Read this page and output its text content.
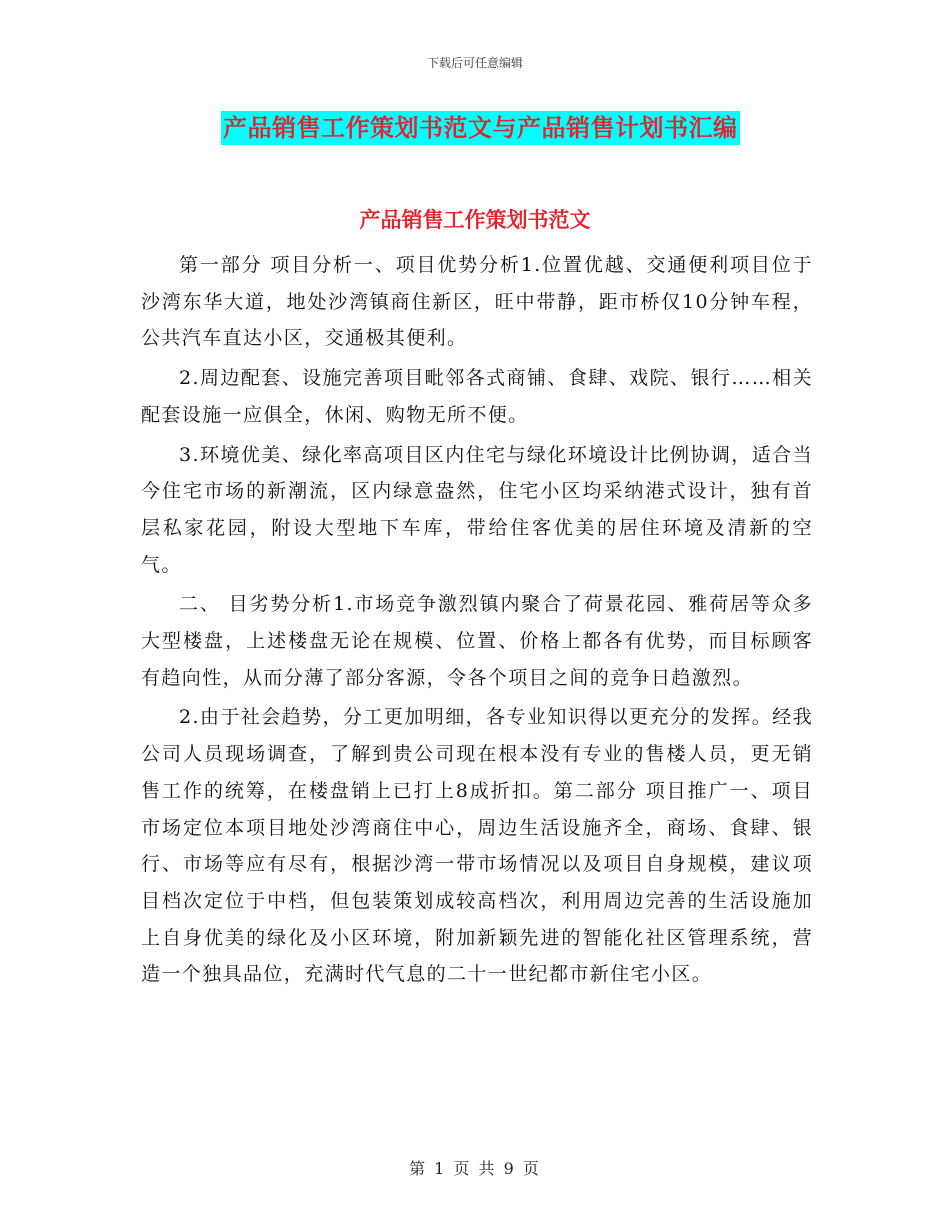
下载后可任意编辑
产品销售工作策划书范文与产品销售计划书汇编
产品销售工作策划书范文

第一部分 项目分析一、项目优势分析1.位置优越、交通便利项目位于沙湾东华大道，地处沙湾镇商住新区，旺中带静，距市桥仅10分钟车程，公共汽车直达小区，交通极其便利。

2.周边配套、设施完善项目毗邻各式商铺、食肆、戏院、银行……相关配套设施一应俱全，休闲、购物无所不便。

3.环境优美、绿化率高项目区内住宅与绿化环境设计比例协调，适合当今住宅市场的新潮流，区内绿意盎然，住宅小区均采纳港式设计，独有首层私家花园，附设大型地下车库，带给住客优美的居住环境及清新的空气。

二、 目劣势分析1.市场竞争激烈镇内聚合了荷景花园、雅荷居等众多大型楼盘，上述楼盘无论在规模、位置、价格上都各有优势，而目标顾客有趋向性，从而分薄了部分客源，令各个项目之间的竞争日趋激烈。

2.由于社会趋势，分工更加明细，各专业知识得以更充分的发挥。经我公司人员现场调查，了解到贵公司现在根本没有专业的售楼人员，更无销售工作的统筹，在楼盘销上已打上8成折扣。第二部分 项目推广一、项目市场定位本项目地处沙湾商住中心，周边生活设施齐全，商场、食肆、银行、市场等应有尽有，根据沙湾一带市场情况以及项目自身规模，建议项目档次定位于中档，但包装策划成较高档次，利用周边完善的生活设施加上自身优美的绿化及小区环境，附加新颖先进的智能化社区管理系统，营造一个独具品位，充满时代气息的二十一世纪都市新住宅小区。

第 1 页 共 9 页
